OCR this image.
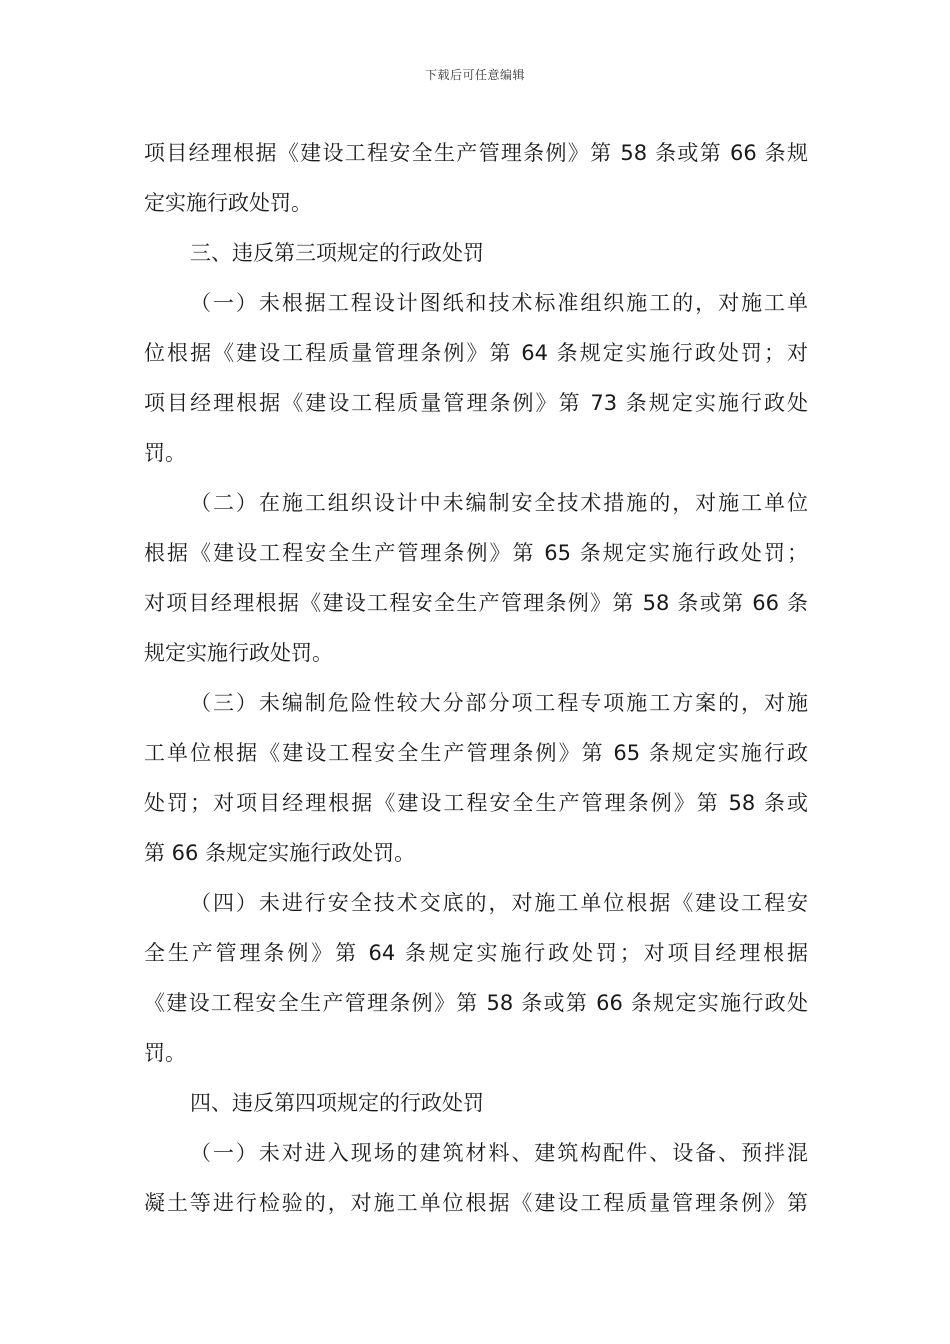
下载后可任意编辑
项目经理根据《建设工程安全生产管理条例》第 58 条或第 66 条规
定实施行政处罚。
三、违反第三项规定的行政处罚
（一）未根据工程设计图纸和技术标准组织施工的，对施工单
位根据《建设工程质量管理条例》第 64 条规定实施行政处罚；对
项目经理根据《建设工程质量管理条例》第 73 条规定实施行政处
罚。
（二）在施工组织设计中未编制安全技术措施的，对施工单位
根据《建设工程安全生产管理条例》第 65 条规定实施行政处罚；
对项目经理根据《建设工程安全生产管理条例》第 58 条或第 66 条
规定实施行政处罚。
（三）未编制危险性较大分部分项工程专项施工方案的，对施
工单位根据《建设工程安全生产管理条例》第 65 条规定实施行政
处罚；对项目经理根据《建设工程安全生产管理条例》第 58 条或
第 66 条规定实施行政处罚。
（四）未进行安全技术交底的，对施工单位根据《建设工程安
全生产管理条例》第 64 条规定实施行政处罚；对项目经理根据
《建设工程安全生产管理条例》第 58 条或第 66 条规定实施行政处
罚。
四、违反第四项规定的行政处罚
（一）未对进入现场的建筑材料、建筑构配件、设备、预拌混
凝土等进行检验的，对施工单位根据《建设工程质量管理条例》第
